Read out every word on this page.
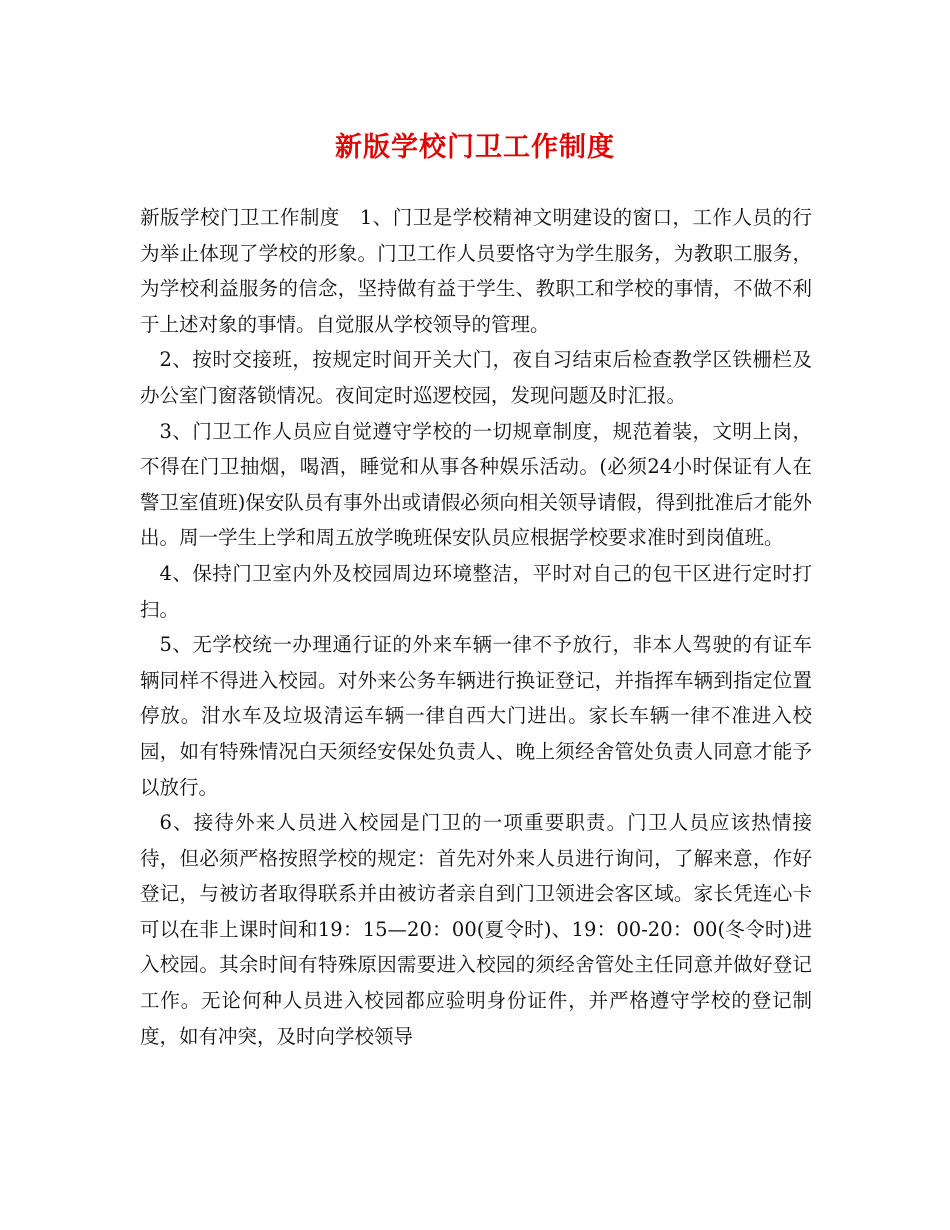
新版学校门卫工作制度

新版学校门卫工作制度　1、门卫是学校精神文明建设的窗口，工作人员的行为举止体现了学校的形象。门卫工作人员要恪守为学生服务，为教职工服务，为学校利益服务的信念，坚持做有益于学生、教职工和学校的事情，不做不利于上述对象的事情。自觉服从学校领导的管理。

2、按时交接班，按规定时间开关大门，夜自习结束后检查教学区铁栅栏及办公室门窗落锁情况。夜间定时巡逻校园，发现问题及时汇报。

3、门卫工作人员应自觉遵守学校的一切规章制度，规范着装，文明上岗，不得在门卫抽烟，喝酒，睡觉和从事各种娱乐活动。(必须24小时保证有人在警卫室值班)保安队员有事外出或请假必须向相关领导请假，得到批准后才能外出。周一学生上学和周五放学晚班保安队员应根据学校要求准时到岗值班。

4、保持门卫室内外及校园周边环境整洁，平时对自己的包干区进行定时打扫。

5、无学校统一办理通行证的外来车辆一律不予放行，非本人驾驶的有证车辆同样不得进入校园。对外来公务车辆进行换证登记，并指挥车辆到指定位置停放。泔水车及垃圾清运车辆一律自西大门进出。家长车辆一律不准进入校园，如有特殊情况白天须经安保处负责人、晚上须经舍管处负责人同意才能予以放行。

6、接待外来人员进入校园是门卫的一项重要职责。门卫人员应该热情接待，但必须严格按照学校的规定：首先对外来人员进行询问，了解来意，作好登记，与被访者取得联系并由被访者亲自到门卫领进会客区域。家长凭连心卡可以在非上课时间和19：15—20：00(夏令时)、19：00-20：00(冬令时)进入校园。其余时间有特殊原因需要进入校园的须经舍管处主任同意并做好登记工作。无论何种人员进入校园都应验明身份证件，并严格遵守学校的登记制度，如有冲突，及时向学校领导
